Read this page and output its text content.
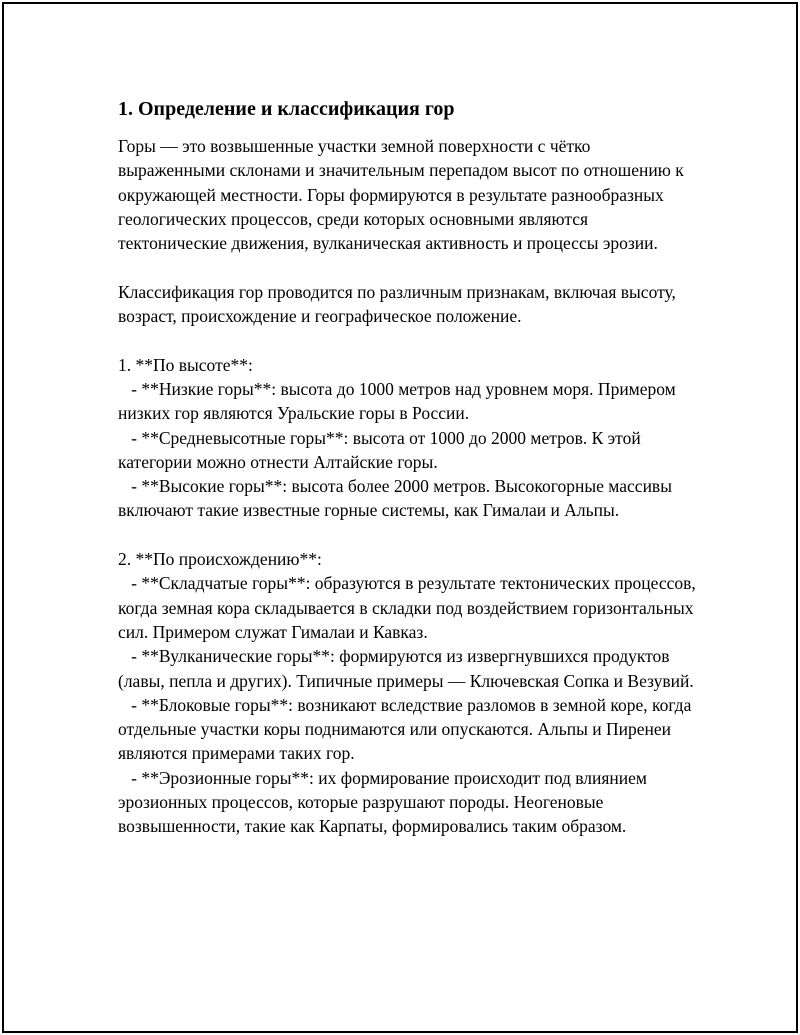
1. Определение и классификация гор

Горы — это возвышенные участки земной поверхности с чётко выраженными склонами и значительным перепадом высот по отношению к окружающей местности. Горы формируются в результате разнообразных геологических процессов, среди которых основными являются тектонические движения, вулканическая активность и процессы эрозии.

Классификация гор проводится по различным признакам, включая высоту, возраст, происхождение и географическое положение.

1. **По высоте**:

- **Низкие горы**: высота до 1000 метров над уровнем моря. Примером низких гор являются Уральские горы в России.

- **Средневысотные горы**: высота от 1000 до 2000 метров. К этой категории можно отнести Алтайские горы.

- **Высокие горы**: высота более 2000 метров. Высокогорные массивы включают такие известные горные системы, как Гималаи и Альпы.

2. **По происхождению**:

- **Складчатые горы**: образуются в результате тектонических процессов, когда земная кора складывается в складки под воздействием горизонтальных сил. Примером служат Гималаи и Кавказ.

- **Вулканические горы**: формируются из извергнувшихся продуктов (лавы, пепла и других). Типичные примеры — Ключевская Сопка и Везувий.

- **Блоковые горы**: возникают вследствие разломов в земной коре, когда отдельные участки коры поднимаются или опускаются. Альпы и Пиренеи являются примерами таких гор.

- **Эрозионные горы**: их формирование происходит под влиянием эрозионных процессов, которые разрушают породы. Неогеновые возвышенности, такие как Карпаты, формировались таким образом.
